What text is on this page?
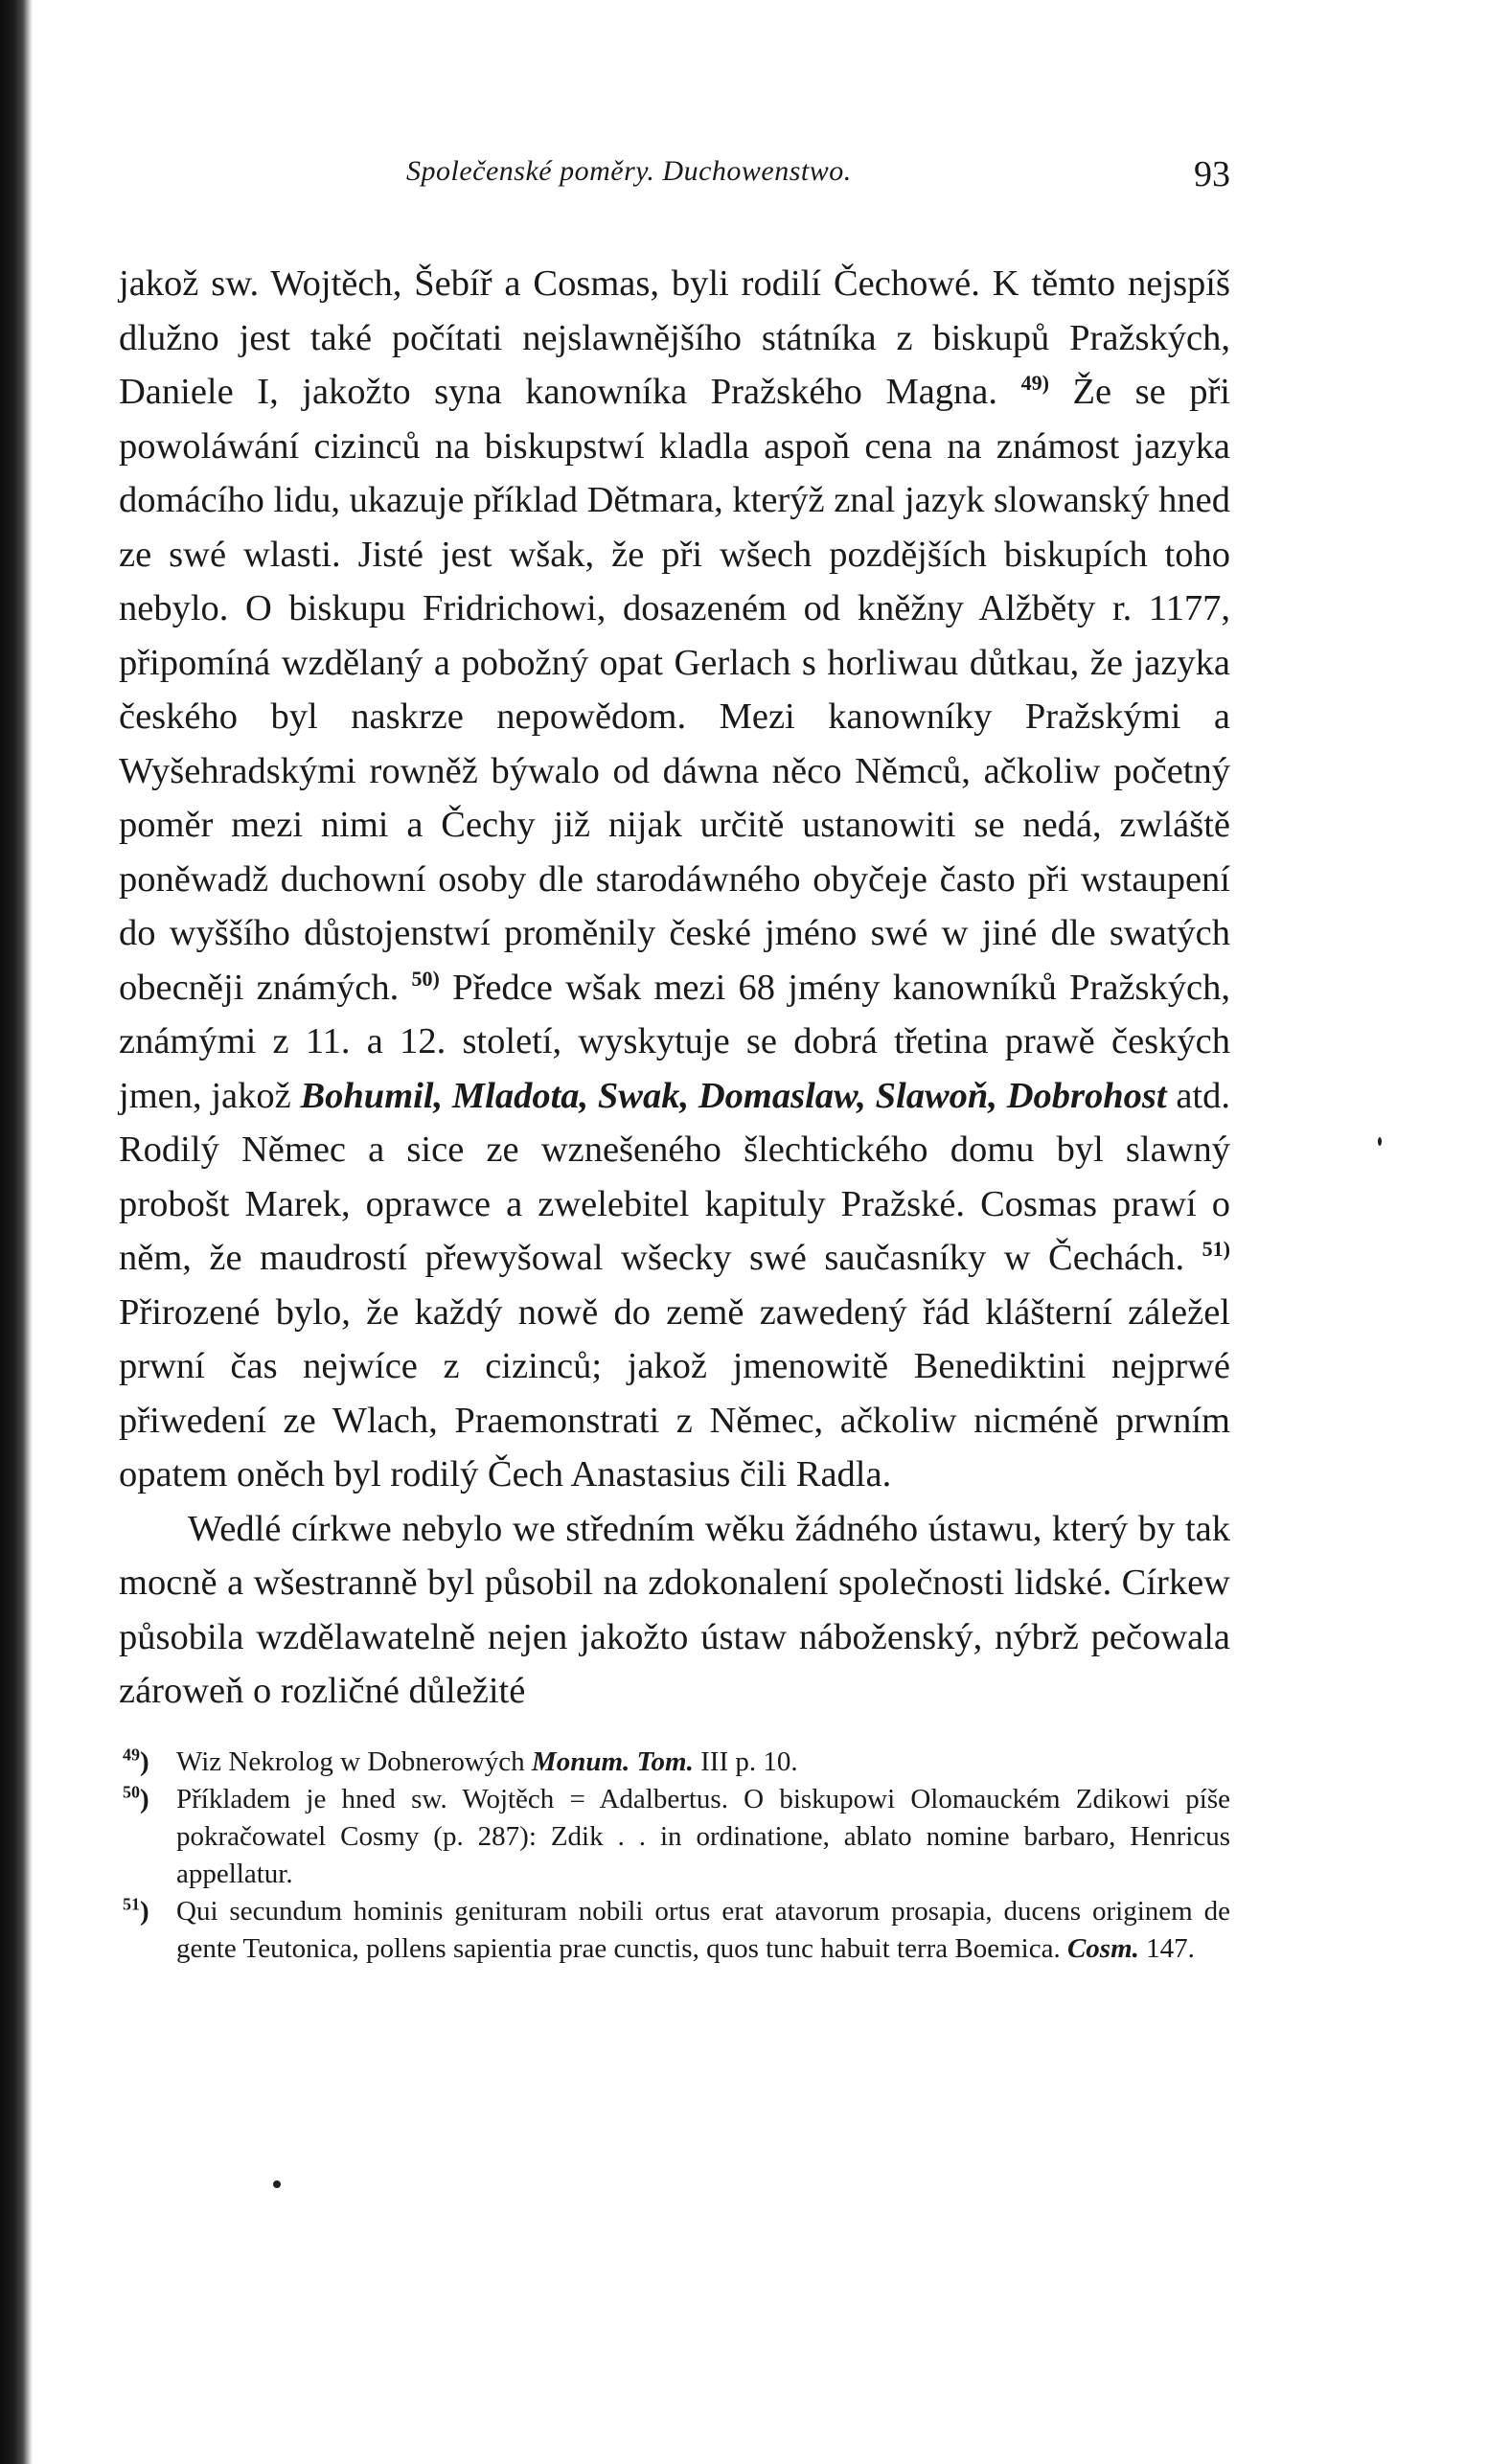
Společenské poměry. Duchowenstwo.	93

jakož sw. Wojtěch, Šebíř a Cosmas, byli rodilí Čechowé. K těmto nejspíš dlužno jest také počítati nejslawnějšího státníka z biskupů Pražských, Daniele I, jakožto syna kanowníka Pražského Magna. $^{49)}$ Že se při powoláwání cizinců na biskupstwí kladla aspoň cena na známost jazyka domácího lidu, ukazuje příklad Dětmara, kterýž znal jazyk slowanský hned ze swé wlasti. Jisté jest wšak, že při wšech pozdějších biskupích toho nebylo. O biskupu Fridrichowi, dosazeném od kněžny Alžběty r. 1177, připomíná wzdělaný a pobožný opat Gerlach s horliwau důtkau, že jazyka českého byl naskrze nepowědom. Mezi kanowníky Pražskými a Wyšehradskými rowněž býwalo od dáwna něco Němců, ačkoliw početný poměr mezi nimi a Čechy již nijak určitě ustanowiti se nedá, zwláště poněwadž duchowní osoby dle starodáwného obyčeje často při wstaupení do wyššího důstojenstwí proměnily české jméno swé w jiné dle swatých obecněji známých. $^{50)}$ Předce wšak mezi 68 jmény kanowníků Pražských, známými z 11. a 12. století, wyskytuje se dobrá třetina prawě českých jmen, jakož Bohumil, Mladota, Swak, Domaslaw, Slawoň, Dobrohost atd. Rodilý Němec a sice ze wznešeného šlechtického domu byl slawný probošt Marek, oprawce a zwelebitel kapituly Pražské. Cosmas prawí o něm, že maudrostí přewyšowal wšecky swé saučasníky w Čechách. $^{51)}$ Přirozené bylo, že každý nowě do země zawedený řád klášterní záležel prwní čas nejwíce z cizinců; jakož jmenowitě Benediktini nejprwé přiwedení ze Wlach, Praemonstrati z Němec, ačkoliw nicméně prwním opatem oněch byl rodilý Čech Anastasius čili Radla.

Wedlé církwe nebylo we středním wěku žádného ústawu, který by tak mocně a wšestranně byl působil na zdokonalení společnosti lidské. Církew působila wzdělawatelně nejen jakožto ústaw náboženský, nýbrž pečowala zároweň o rozličné důležité

$^{49}$) Wiz Nekrolog w Dobnerowých Monum. Tom. III p. 10.
$^{50}$) Příkladem je hned sw. Wojtěch = Adalbertus. O biskupowi Olomauckém Zdikowi píše pokračowatel Cosmy (p. 287): Zdik . . in ordinatione, ablato nomine barbaro, Henricus appellatur.
$^{51}$) Qui secundum hominis genituram nobili ortus erat atavorum prosapia, ducens originem de gente Teutonica, pollens sapientia prae cunctis, quos tunc habuit terra Boemica. Cosm. 147.
